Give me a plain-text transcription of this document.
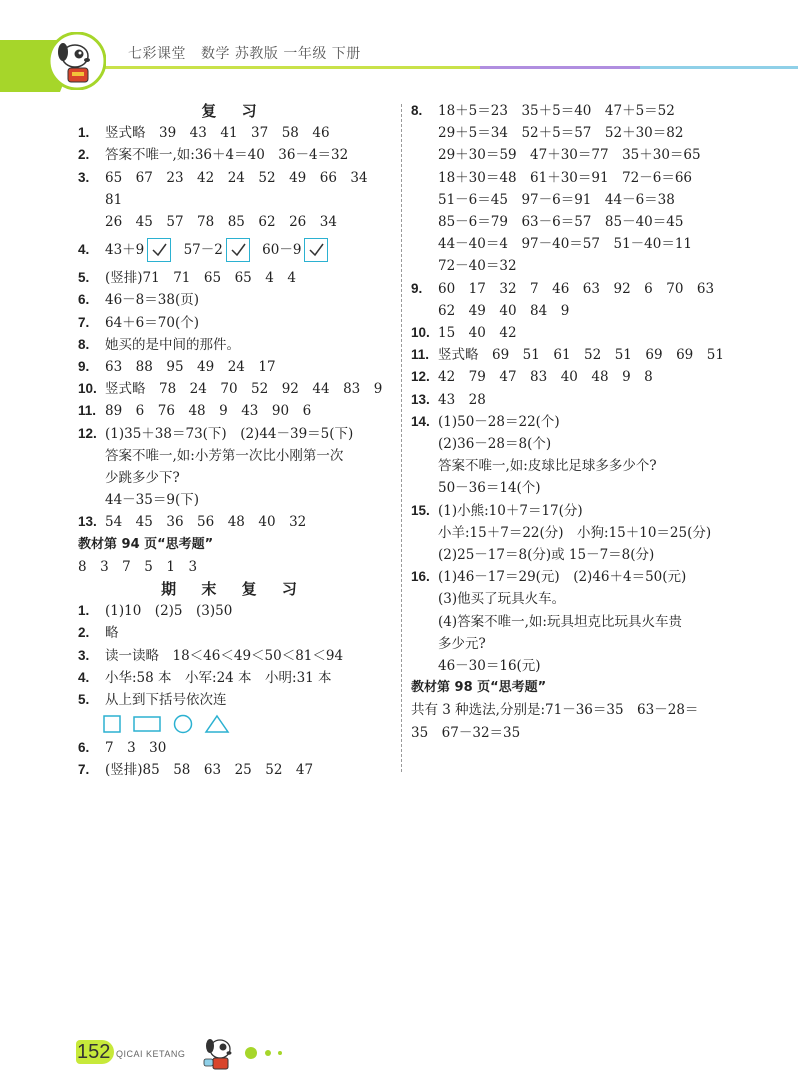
七彩课堂 数学 苏教版 一年级 下册
复 习
1. 竖式略　39　43　41　37　58　46
2. 答案不唯一,如:36＋4＝40　36－4＝32
3. 65　67　23　42　24　52　49　66　34　81
26　45　57　78　85　62　26　34
4. 43＋9	57－2	60－9
5. (竖排)71　71　65　65　4　4
6. 46－8＝38(页)
7. 64＋6＝70(个)
8. 她买的是中间的那件。
9. 63　88　95　49　24　17
10. 竖式略　78　24　70　52　92　44　83　9
11. 89　6　76　48　9　43　90　6
12. (1)35＋38＝73(下)　(2)44－39＝5(下)
答案不唯一,如:小芳第一次比小刚第一次
少跳多少下?
44－35＝9(下)
13. 54　45　36　56　48　40　32
教材第 94 页“思考题”
8　3　7　5　1　3
期 末 复 习
1. (1)10　(2)5　(3)50
2. 略
3. 读一读略　18＜46＜49＜50＜81＜94
4. 小华:58 本　小军:24 本　小明:31 本
5. 从上到下括号依次连
6. 7　3　30
7. (竖排)85　58　63　25　52　47
8. 18＋5＝23　35＋5＝40　47＋5＝52
29＋5＝34　52＋5＝57　52＋30＝82
29＋30＝59　47＋30＝77　35＋30＝65
18＋30＝48　61＋30＝91　72－6＝66
51－6＝45　97－6＝91　44－6＝38
85－6＝79　63－6＝57　85－40＝45
44－40＝4　97－40＝57　51－40＝11
72－40＝32
9. 60　17　32　7　46　63　92　6　70　63
62　49　40　84　9
10. 15　40　42
11. 竖式略　69　51　61　52　51　69　69　51
12. 42　79　47　83　40　48　9　8
13. 43　28
14. (1)50－28＝22(个)
(2)36－28＝8(个)
答案不唯一,如:皮球比足球多多少个?
50－36＝14(个)
15. (1)小熊:10＋7＝17(分)
小羊:15＋7＝22(分)　小狗:15＋10＝25(分)
(2)25－17＝8(分)或 15－7＝8(分)
16. (1)46－17＝29(元)　(2)46＋4＝50(元)
(3)他买了玩具火车。
(4)答案不唯一,如:玩具坦克比玩具火车贵
多少元?
46－30＝16(元)
教材第 98 页“思考题”
共有 3 种选法,分别是:71－36＝35　63－28＝
35　67－32＝35
152 QICAI KETANG
